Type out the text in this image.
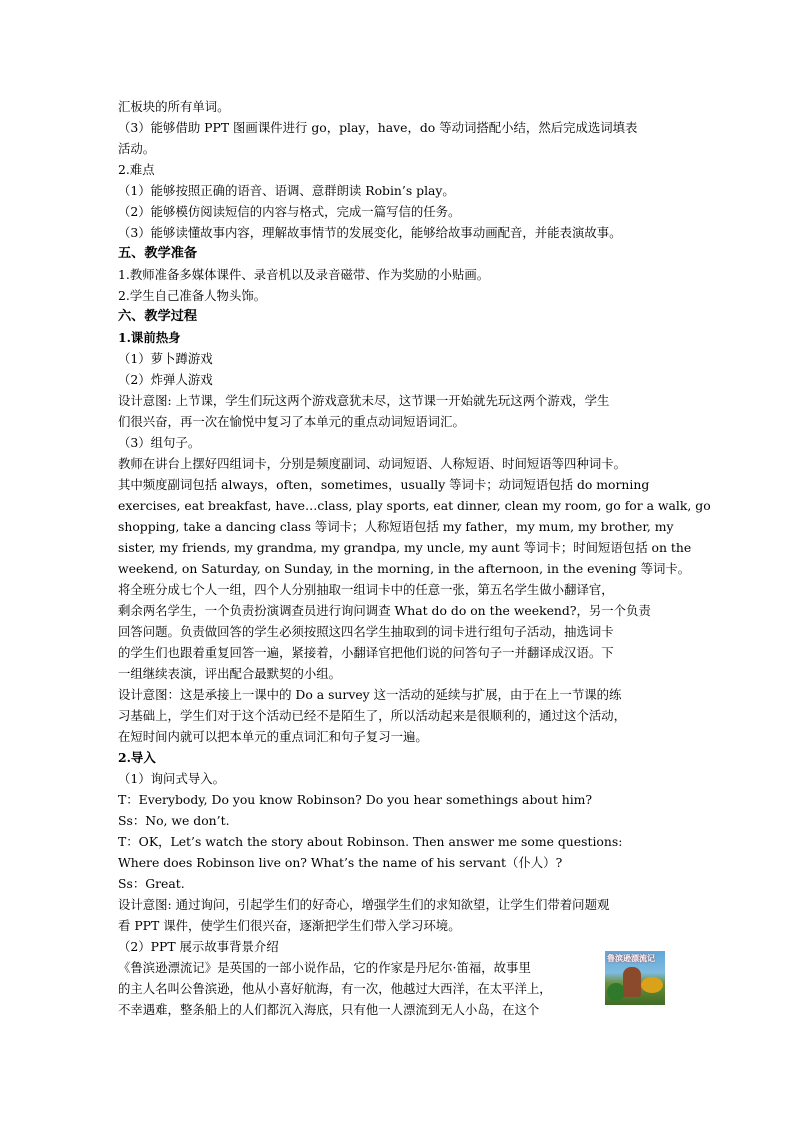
汇板块的所有单词。
（3）能够借助 PPT 图画课件进行 go，play，have，do 等动词搭配小结，然后完成选词填表
活动。
2.难点
（1）能够按照正确的语音、语调、意群朗读 Robin’s play。
（2）能够模仿阅读短信的内容与格式，完成一篇写信的任务。
（3）能够读懂故事内容，理解故事情节的发展变化，能够给故事动画配音，并能表演故事。
五、教学准备
1.教师准备多媒体课件、录音机以及录音磁带、作为奖励的小贴画。
2.学生自己准备人物头饰。
六、教学过程
1.课前热身
（1）萝卜蹲游戏
（2）炸弹人游戏
设计意图: 上节课，学生们玩这两个游戏意犹未尽，这节课一开始就先玩这两个游戏，学生
们很兴奋，再一次在愉悦中复习了本单元的重点动词短语词汇。
（3）组句子。
教师在讲台上摆好四组词卡，分别是频度副词、动词短语、人称短语、时间短语等四种词卡。
其中频度副词包括 always，often，sometimes，usually 等词卡；动词短语包括 do morning
exercises, eat breakfast, have…class, play sports, eat dinner, clean my room, go for a walk, go
shopping, take a dancing class 等词卡；人称短语包括 my father，my mum, my brother, my
sister, my friends, my grandma, my grandpa, my uncle, my aunt 等词卡；时间短语包括 on the
weekend, on Saturday, on Sunday, in the morning, in the afternoon, in the evening 等词卡。
将全班分成七个人一组，四个人分别抽取一组词卡中的任意一张，第五名学生做小翻译官，
剩余两名学生，一个负责扮演调查员进行询问调查 What do do on the weekend?，另一个负责
回答问题。负责做回答的学生必须按照这四名学生抽取到的词卡进行组句子活动，抽选词卡
的学生们也跟着重复回答一遍，紧接着，小翻译官把他们说的问答句子一并翻译成汉语。下
一组继续表演，评出配合最默契的小组。
设计意图：这是承接上一课中的 Do a survey 这一活动的延续与扩展，由于在上一节课的练
习基础上，学生们对于这个活动已经不是陌生了，所以活动起来是很顺利的，通过这个活动，
在短时间内就可以把本单元的重点词汇和句子复习一遍。
2.导入
（1）询问式导入。
T：Everybody, Do you know Robinson? Do you hear somethings about him?
Ss：No, we don’t.
T：OK，Let’s watch the story about Robinson. Then answer me some questions:
Where does Robinson live on? What’s the name of his servant（仆人）?
Ss：Great.
设计意图: 通过询问，引起学生们的好奇心，增强学生们的求知欲望，让学生们带着问题观
看 PPT 课件，使学生们很兴奋，逐渐把学生们带入学习环境。
（2）PPT 展示故事背景介绍
《鲁滨逊漂流记》是英国的一部小说作品，它的作家是丹尼尔·笛福，故事里
的主人名叫公鲁滨逊，他从小喜好航海，有一次，他越过大西洋，在太平洋上，
不幸遇难，整条船上的人们都沉入海底，只有他一人漂流到无人小岛，在这个
鲁滨逊漂流记
